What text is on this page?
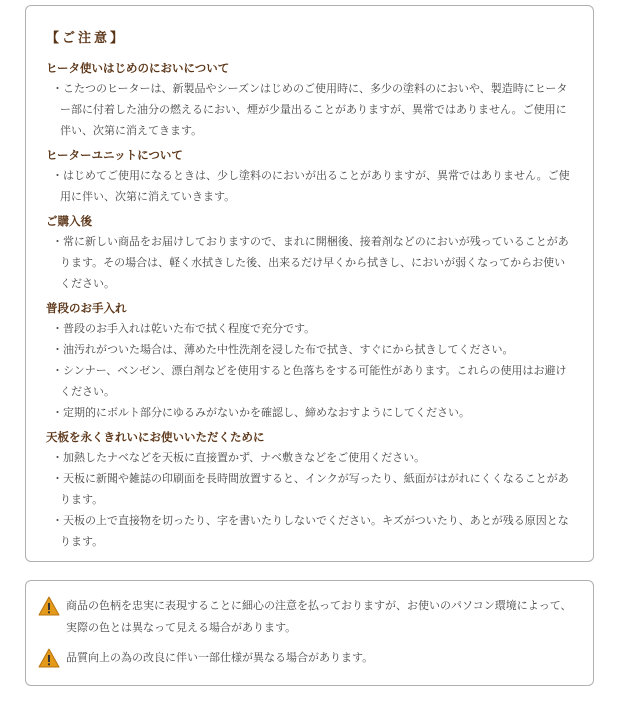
【ご注意】
ヒータ使いはじめのにおいについて

・こたつのヒーターは、新製品やシーズンはじめのご使用時に、多少の塗料のにおいや、製造時にヒーター部に付着した油分の燃えるにおい、煙が少量出ることがありますが、異常ではありません。ご使用に伴い、次第に消えてきます。

ヒーターユニットについて

・はじめてご使用になるときは、少し塗料のにおいが出ることがありますが、異常ではありません。ご使用に伴い、次第に消えていきます。

ご購入後

・常に新しい商品をお届けしておりますので、まれに開梱後、接着剤などのにおいが残っていることがあります。その場合は、軽く水拭きした後、出来るだけ早くから拭きし、においが弱くなってからお使いください。

普段のお手入れ

・普段のお手入れは乾いた布で拭く程度で充分です。

・油汚れがついた場合は、薄めた中性洗剤を浸した布で拭き、すぐにから拭きしてください。

・シンナー、ベンゼン、漂白剤などを使用すると色落ちをする可能性があります。これらの使用はお避けください。

・定期的にボルト部分にゆるみがないかを確認し、締めなおすようにしてください。

天板を永くきれいにお使いいただくために

・加熱したナベなどを天板に直接置かず、ナベ敷きなどをご使用ください。

・天板に新聞や雑誌の印刷面を長時間放置すると、インクが写ったり、紙面がはがれにくくなることがあります。

・天板の上で直接物を切ったり、字を書いたりしないでください。キズがついたり、あとが残る原因となります。

商品の色柄を忠実に表現することに細心の注意を払っておりますが、お使いのパソコン環境によって、実際の色とは異なって見える場合があります。
品質向上の為の改良に伴い一部仕様が異なる場合があります。
